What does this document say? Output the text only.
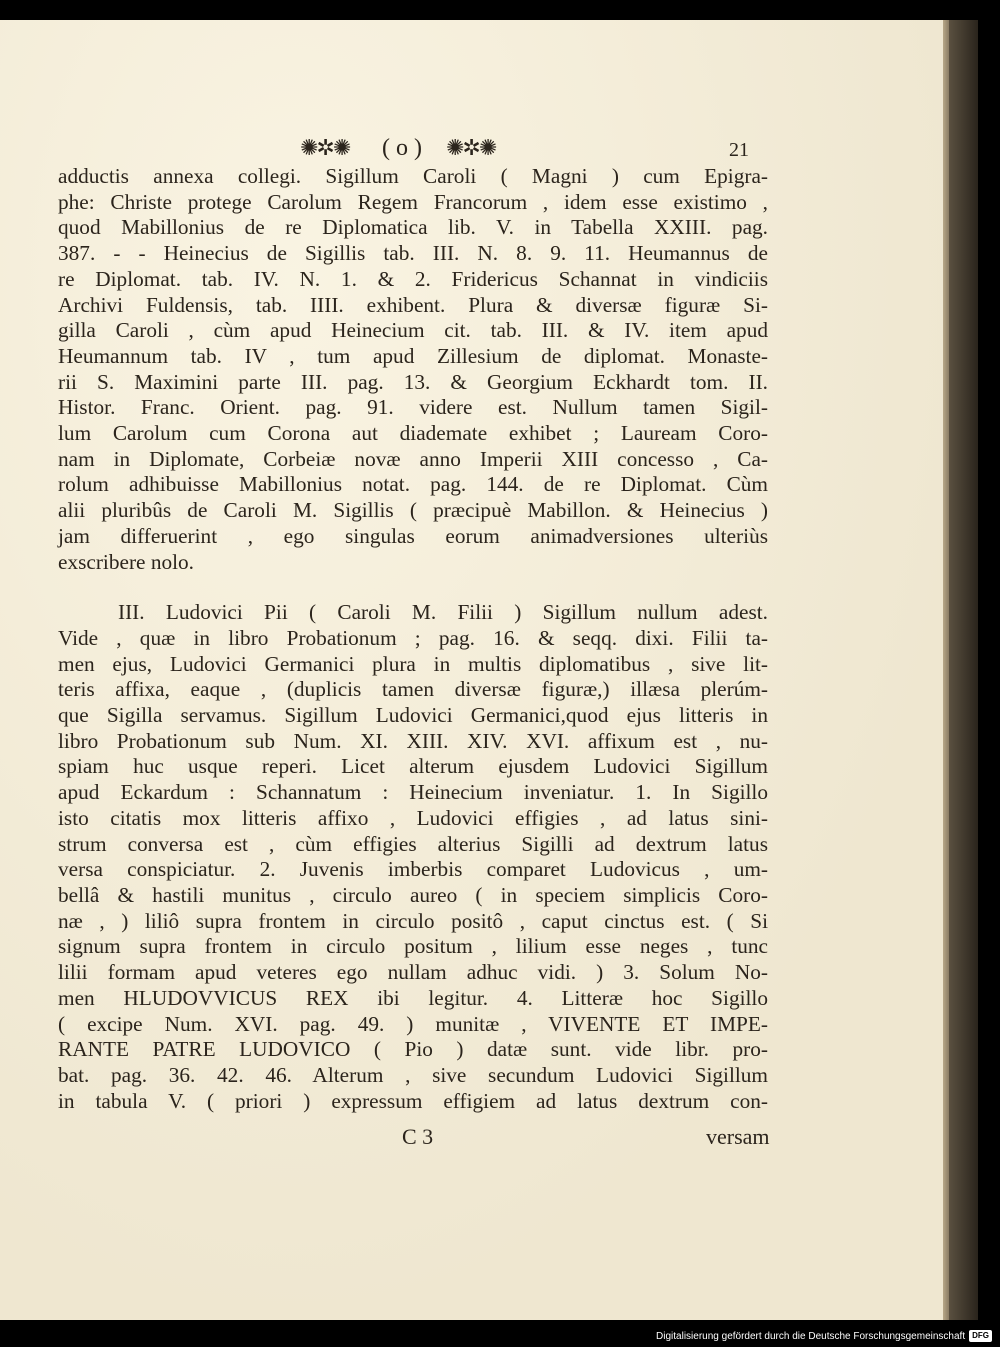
✺✲✺ ( o ) ✺✲✺	21

adductis annexa collegi. Sigillum Caroli ( Magni ) cum Epigra-

phe: Christe protege Carolum Regem Francorum , idem esse existimo ,

quod Mabillonius de re Diplomatica lib. V. in Tabella XXIII. pag.

387. - - Heinecius de Sigillis tab. III. N. 8. 9. 11. Heumannus de

re Diplomat. tab. IV. N. 1. & 2. Fridericus Schannat in vindiciis

Archivi Fuldensis, tab. IIII. exhibent. Plura & diversæ figuræ Si-

gilla Caroli , cùm apud Heinecium cit. tab. III. & IV. item apud

Heumannum tab. IV , tum apud Zillesium de diplomat. Monaste-

rii S. Maximini parte III. pag. 13. & Georgium Eckhardt tom. II.

Histor. Franc. Orient. pag. 91. videre est. Nullum tamen Sigil-

lum Carolum cum Corona aut diademate exhibet ; Lauream Coro-

nam in Diplomate, Corbeiæ novæ anno Imperii XIII concesso , Ca-

rolum adhibuisse Mabillonius notat. pag. 144. de re Diplomat. Cùm

alii pluribûs de Caroli M. Sigillis ( præcipuè Mabillon. & Heinecius )

jam differuerint , ego singulas eorum animadversiones ulteriùs

exscribere nolo.

III. Ludovici Pii ( Caroli M. Filii ) Sigillum nullum adest.

Vide , quæ in libro Probationum ; pag. 16. & seqq. dixi. Filii ta-

men ejus, Ludovici Germanici plura in multis diplomatibus , sive lit-

teris affixa, eaque , (duplicis tamen diversæ figuræ,) illæsa plerúm-

que Sigilla servamus. Sigillum Ludovici Germanici,quod ejus litteris in

libro Probationum sub Num. XI. XIII. XIV. XVI. affixum est , nu-

spiam huc usque reperi. Licet alterum ejusdem Ludovici Sigillum

apud Eckardum : Schannatum : Heinecium inveniatur. 1. In Sigillo

isto citatis mox litteris affixo , Ludovici effigies , ad latus sini-

strum conversa est , cùm effigies alterius Sigilli ad dextrum latus

versa conspiciatur. 2. Juvenis imberbis comparet Ludovicus , um-

bellâ & hastili munitus , circulo aureo ( in speciem simplicis Coro-

næ , ) liliô supra frontem in circulo positô , caput cinctus est. ( Si

signum supra frontem in circulo positum , lilium esse neges , tunc

lilii formam apud veteres ego nullam adhuc vidi. ) 3. Solum No-

men HLUDOVVICUS REX ibi legitur. 4. Litteræ hoc Sigillo

( excipe Num. XVI. pag. 49. ) munitæ , VIVENTE ET IMPE-

RANTE PATRE LUDOVICO ( Pio ) datæ sunt. vide libr. pro-

bat. pag. 36. 42. 46. Alterum , sive secundum Ludovici Sigillum

in tabula V. ( priori ) expressum effigiem ad latus dextrum con-

C 3	versam
Digitalisierung gefördert durch die Deutsche Forschungsgemeinschaft DFG
